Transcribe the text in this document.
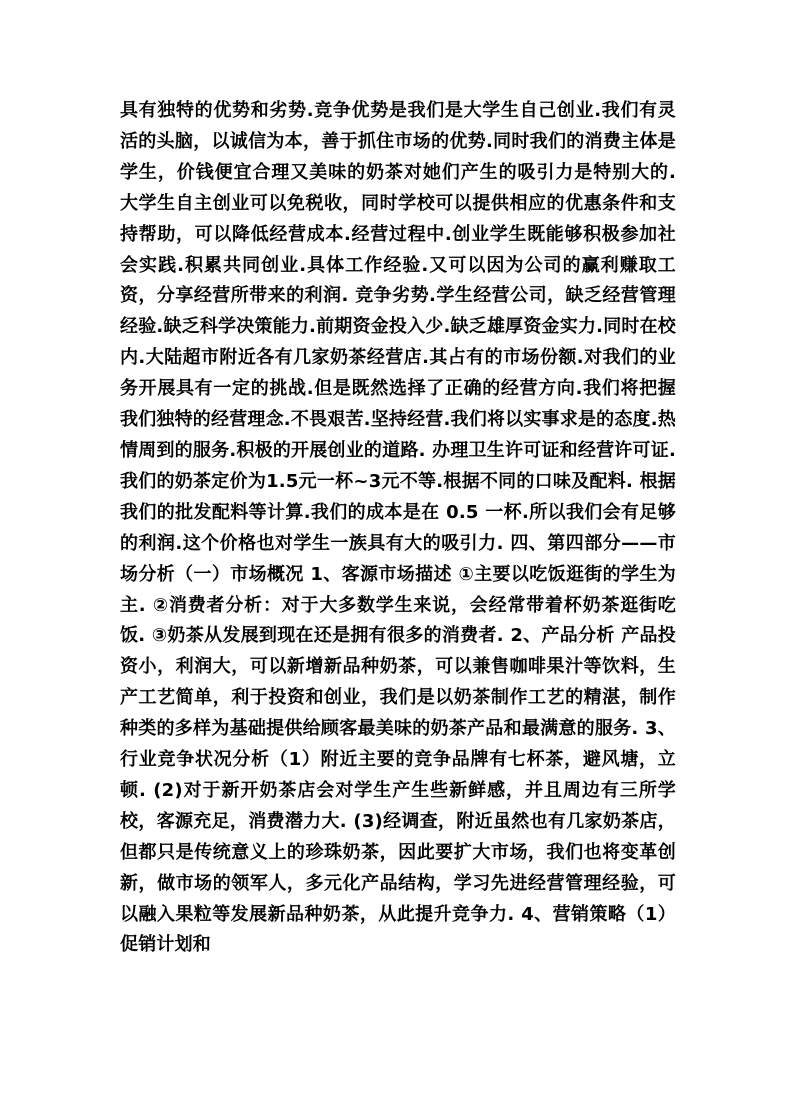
具有独特的优势和劣势.竞争优势是我们是大学生自己创业.我们有灵活的头脑，以诚信为本，善于抓住市场的优势.同时我们的消费主体是学生，价钱便宜合理又美味的奶茶对她们产生的吸引力是特别大的. 大学生自主创业可以免税收，同时学校可以提供相应的优惠条件和支持帮助，可以降低经营成本.经营过程中.创业学生既能够积极参加社会实践.积累共同创业.具体工作经验.又可以因为公司的赢利赚取工资，分享经营所带来的利润. 竞争劣势.学生经营公司，缺乏经营管理经验.缺乏科学决策能力.前期资金投入少.缺乏雄厚资金实力.同时在校内.大陆超市附近各有几家奶茶经营店.其占有的市场份额.对我们的业务开展具有一定的挑战.但是既然选择了正确的经营方向.我们将把握我们独特的经营理念.不畏艰苦.坚持经营.我们将以实事求是的态度.热情周到的服务.积极的开展创业的道路. 办理卫生许可证和经营许可证. 我们的奶茶定价为1.5元一杯~3元不等.根据不同的口味及配料. 根据我们的批发配料等计算.我们的成本是在 0.5 一杯.所以我们会有足够的利润.这个价格也对学生一族具有大的吸引力. 四、第四部分——市场分析（一）市场概况 1、客源市场描述 ①主要以吃饭逛街的学生为主. ②消费者分析：对于大多数学生来说，会经常带着杯奶茶逛街吃饭. ③奶茶从发展到现在还是拥有很多的消费者. 2、产品分析 产品投资小，利润大，可以新增新品种奶茶，可以兼售咖啡果汁等饮料，生产工艺简单，利于投资和创业，我们是以奶茶制作工艺的精湛，制作种类的多样为基础提供给顾客最美味的奶茶产品和最满意的服务. 3、行业竞争状况分析（1）附近主要的竞争品牌有七杯茶，避风塘，立顿. (2)对于新开奶茶店会对学生产生些新鲜感，并且周边有三所学校，客源充足，消费潜力大. (3)经调查，附近虽然也有几家奶茶店，但都只是传统意义上的珍珠奶茶，因此要扩大市场，我们也将变革创新，做市场的领军人，多元化产品结构，学习先进经营管理经验，可以融入果粒等发展新品种奶茶，从此提升竞争力. 4、营销策略（1）促销计划和
